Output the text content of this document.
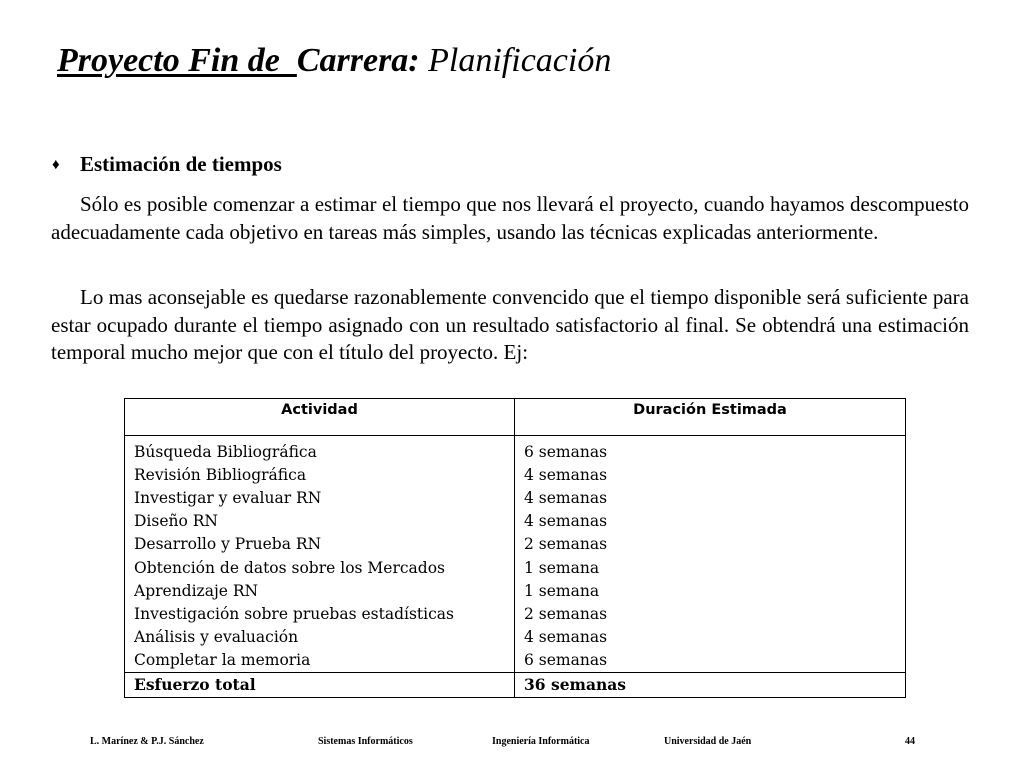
Proyecto Fin de  Carrera: Planificación
♦ Estimación de tiempos

Sólo es posible comenzar a estimar el tiempo que nos llevará el proyecto, cuando hayamos descompuesto adecuadamente cada objetivo en tareas más simples, usando las técnicas explicadas anteriormente.

Lo mas aconsejable es quedarse razonablemente convencido que el tiempo disponible será suficiente para estar ocupado durante el tiempo asignado con un resultado satisfactorio al final. Se obtendrá una estimación temporal mucho mejor que con el título del proyecto. Ej:

Actividad	Duración Estimada
Búsqueda Bibliográfica	6 semanas
Revisión Bibliográfica	4 semanas
Investigar y evaluar RN	4 semanas
Diseño RN	4 semanas
Desarrollo y Prueba RN	2 semanas
Obtención de datos sobre los Mercados	1 semana
Aprendizaje RN	1 semana
Investigación sobre pruebas estadísticas	2 semanas
Análisis y evaluación	4 semanas
Completar la memoria	6 semanas
Esfuerzo total	36 semanas
L. Marínez & P.J. Sánchez	Sistemas Informáticos	Ingeniería Informática	Universidad de Jaén	44
